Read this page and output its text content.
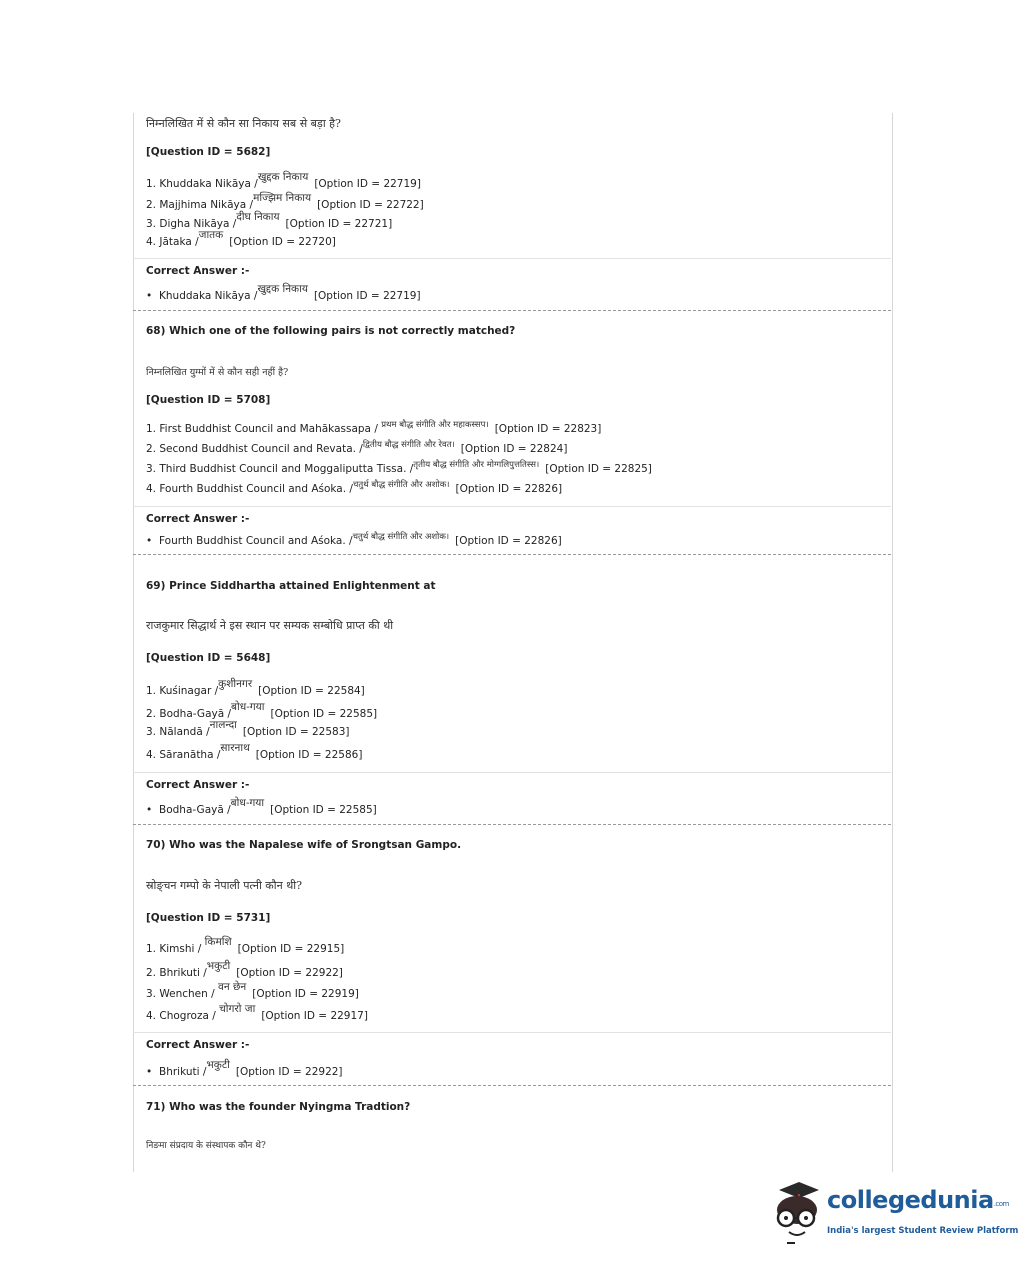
निम्नलिखित में से कौन सा निकाय सब से बड़ा है?
[Question ID = 5682]
1. Khuddaka Nikāya /खुद्दक निकाय[Option ID = 22719]
2. Majjhima Nikāya /मज्झिम निकाय[Option ID = 22722]
3. Digha Nikāya /दीघ निकाय[Option ID = 22721]
4. Jātaka /जातक[Option ID = 22720]
Correct Answer :-
• Khuddaka Nikāya /खुद्दक निकाय[Option ID = 22719]
68) Which one of the following pairs is not correctly matched?
निम्नलिखित युग्मों में से कौन सही नहीं है?
[Question ID = 5708]
1. First Buddhist Council and Mahākassapa / $^{प्रथम बौद्ध संगीति और महाकस्सप।}$ [Option ID = 22823]
2. Second Buddhist Council and Revata. /$^{द्वितीय बौद्ध संगीति और रेवत।}$ [Option ID = 22824]
3. Third Buddhist Council and Moggaliputta Tissa. /$^{तृतीय बौद्ध संगीति और मोग्गलिपुत्ततिस्स।}$ [Option ID = 22825]
4. Fourth Buddhist Council and Aśoka. /$^{चतुर्थ बौद्ध संगीति और अशोक।}$ [Option ID = 22826]
Correct Answer :-
• Fourth Buddhist Council and Aśoka. /$^{चतुर्थ बौद्ध संगीति और अशोक।}$ [Option ID = 22826]
69) Prince Siddhartha attained Enlightenment at
राजकुमार सिद्धार्थ ने इस स्थान पर सम्यक सम्बोधि प्राप्त की थी
[Question ID = 5648]
1. Kuśinagar /कुशीनगर[Option ID = 22584]
2. Bodha-Gayā /बोध-गया[Option ID = 22585]
3. Nālandā /नालन्दा[Option ID = 22583]
4. Sāranātha /सारनाथ[Option ID = 22586]
Correct Answer :-
• Bodha-Gayā /बोध-गया[Option ID = 22585]
70) Who was the Napalese wife of Srongtsan Gampo.
स्रोङ्चन गम्पो के नेपाली पत्नी कौन थी?
[Question ID = 5731]
1. Kimshi / किमशि[Option ID = 22915]
2. Bhrikuti /भकुटी[Option ID = 22922]
3. Wenchen / वन छेन[Option ID = 22919]
4. Chogroza / चोगरो जा[Option ID = 22917]
Correct Answer :-
• Bhrikuti /भकुटी[Option ID = 22922]
71) Who was the founder Nyingma Tradtion?
निङमा संप्रदाय के संस्थापक कौन थे?
collegedunia.com
India's largest Student Review Platform
